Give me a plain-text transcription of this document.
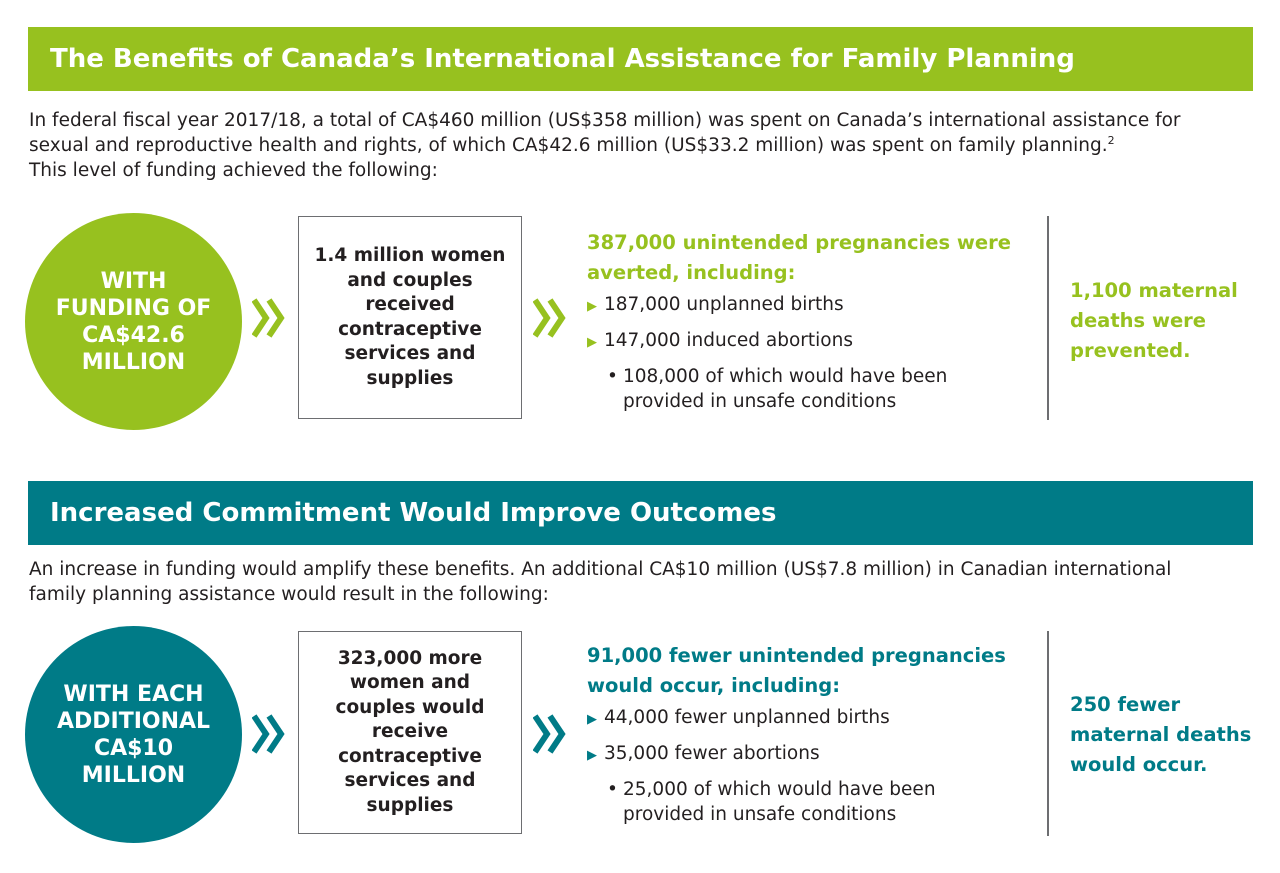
The Benefits of Canada’s International Assistance for Family Planning
In federal fiscal year 2017/18, a total of CA$460 million (US$358 million) was spent on Canada’s international assistance for sexual and reproductive health and rights, of which CA$42.6 million (US$33.2 million) was spent on family planning.$^2$
This level of funding achieved the following:
WITH FUNDING OF CA$42.6 MILLION
1.4 million women and couples received contraceptive services and supplies
387,000 unintended pregnancies were averted, including:
▶ 187,000 unplanned births
▶ 147,000 induced abortions
• 108,000 of which would have been provided in unsafe conditions
1,100 maternal deaths were prevented.
Increased Commitment Would Improve Outcomes
An increase in funding would amplify these benefits. An additional CA$10 million (US$7.8 million) in Canadian international family planning assistance would result in the following:
WITH EACH ADDITIONAL CA$10 MILLION
323,000 more women and couples would receive contraceptive services and supplies
91,000 fewer unintended pregnancies would occur, including:
▶ 44,000 fewer unplanned births
▶ 35,000 fewer abortions
• 25,000 of which would have been provided in unsafe conditions
250 fewer maternal deaths would occur.
